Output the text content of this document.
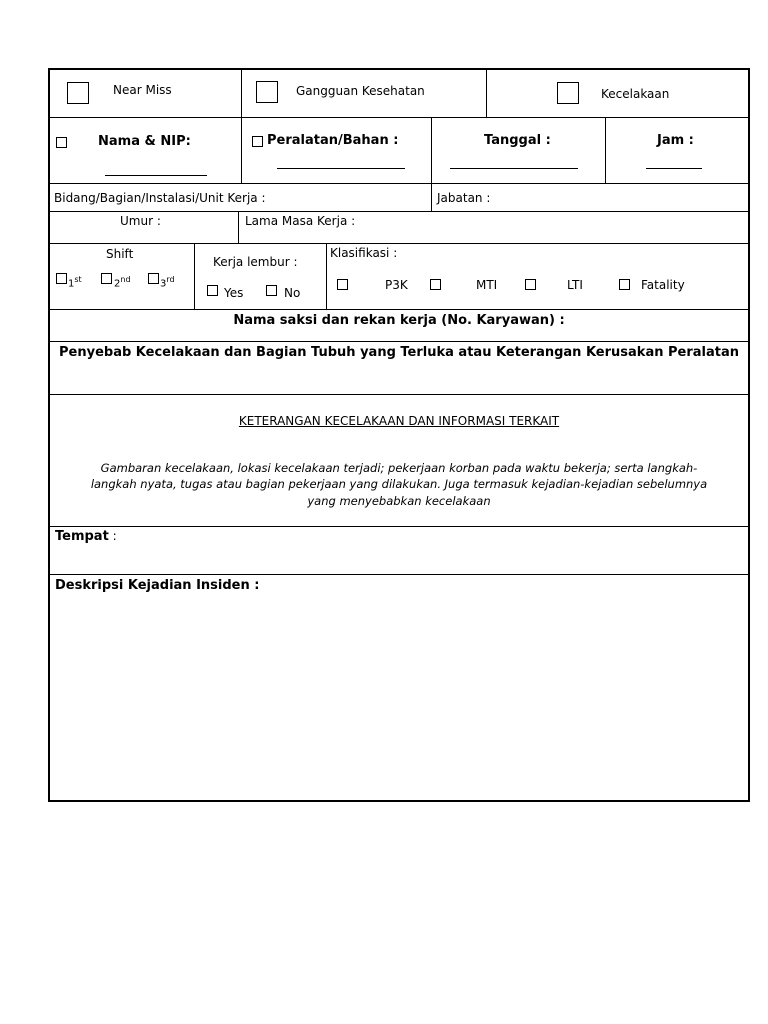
Near Miss	Gangguan Kesehatan	Kecelakaan
Nama & NIP:	Peralatan/Bahan :	Tanggal :	Jam :
Bidang/Bagian/Instalasi/Unit Kerja :	Jabatan :
Umur :	Lama Masa Kerja :
Shift
1st	2nd	3rd
Kerja lembur :
Yes	No
Klasifikasi :
P3K	MTI	LTI	Fatality
Nama saksi dan rekan kerja (No. Karyawan) :
Penyebab Kecelakaan dan Bagian Tubuh yang Terluka atau Keterangan Kerusakan Peralatan
KETERANGAN KECELAKAAN DAN INFORMASI TERKAIT
Gambaran kecelakaan, lokasi kecelakaan terjadi; pekerjaan korban pada waktu bekerja; serta langkah-
langkah nyata, tugas atau bagian pekerjaan yang dilakukan. Juga termasuk kejadian-kejadian sebelumnya
yang menyebabkan kecelakaan
Tempat :
Deskripsi Kejadian Insiden :
